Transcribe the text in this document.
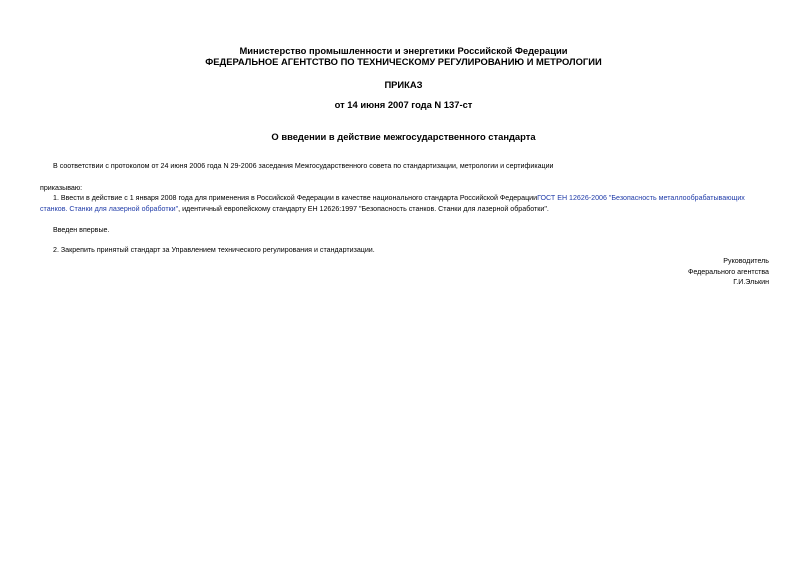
Министерство промышленности и энергетики Российской Федерации
ФЕДЕРАЛЬНОЕ АГЕНТСТВО ПО ТЕХНИЧЕСКОМУ РЕГУЛИРОВАНИЮ И МЕТРОЛОГИИ
ПРИКАЗ
от 14 июня 2007 года N 137-ст
О введении в действие межгосударственного стандарта
В соответствии с протоколом от 24 июня 2006 года N 29-2006 заседания Межгосударственного совета по стандартизации, метрологии и сертификации
приказываю:
1. Ввести в действие с 1 января 2008 года для применения в Российской Федерации в качестве национального стандарта Российской ФедерацииГОСТ ЕН 12626-2006 "Безопасность металлообрабатывающих
станков. Станки для лазерной обработки", идентичный европейскому стандарту ЕН 12626:1997 "Безопасность станков. Станки для лазерной обработки".
Введен впервые.
2. Закрепить принятый стандарт за Управлением технического регулирования и стандартизации.
Руководитель
Федерального агентства
Г.И.Элькин
